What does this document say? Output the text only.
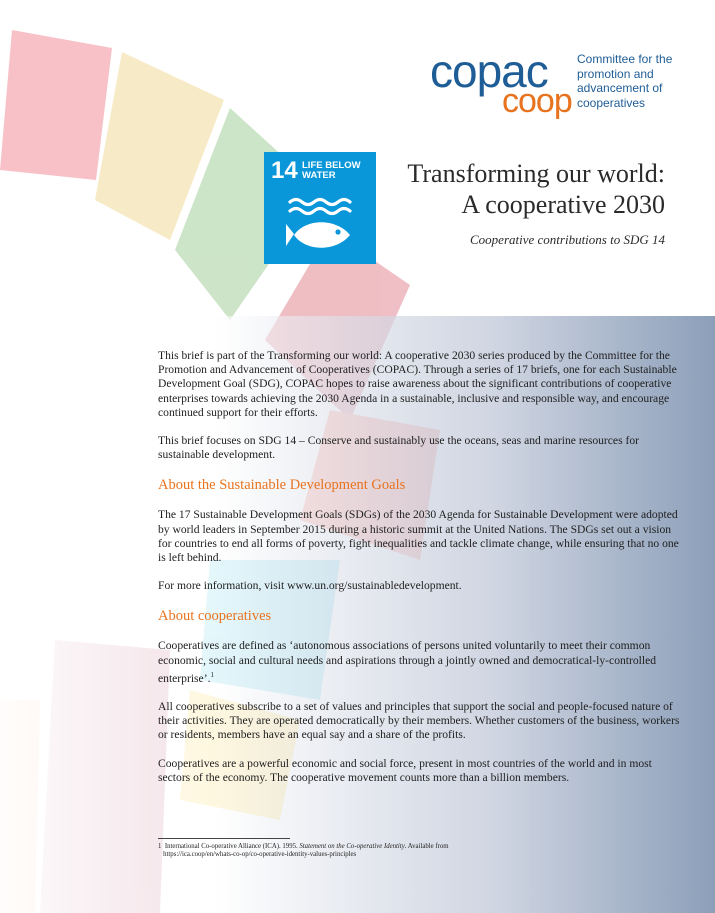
copac
coop
Committee for the promotion and advancement of cooperatives
14 LIFE BELOW WATER	Transforming our world:
A cooperative 2030
Cooperative contributions to SDG 14

This brief is part of the Transforming our world: A cooperative 2030 series produced by the Committee for the Promotion and Advancement of Cooperatives (COPAC). Through a series of 17 briefs, one for each Sustainable Development Goal (SDG), COPAC hopes to raise awareness about the significant contributions of cooperative enterprises towards achieving the 2030 Agenda in a sustainable, inclusive and responsible way, and encourage continued support for their efforts.

This brief focuses on SDG 14 – Conserve and sustainably use the oceans, seas and marine resources for sustainable development.

About the Sustainable Development Goals

The 17 Sustainable Development Goals (SDGs) of the 2030 Agenda for Sustainable Development were adopted by world leaders in September 2015 during a historic summit at the United Nations. The SDGs set out a vision for countries to end all forms of poverty, fight inequalities and tackle climate change, while ensuring that no one is left behind.

For more information, visit www.un.org/sustainabledevelopment.

About cooperatives

Cooperatives are defined as ‘autonomous associations of persons united voluntarily to meet their common economic, social and cultural needs and aspirations through a jointly owned and democratical-ly-controlled enterprise’.$^1$

All cooperatives subscribe to a set of values and principles that support the social and people-focused nature of their activities. They are operated democratically by their members. Whether customers of the business, workers or residents, members have an equal say and a share of the profits.

Cooperatives are a powerful economic and social force, present in most countries of the world and in most sectors of the economy. The cooperative movement counts more than a billion members.

1 International Co-operative Alliance (ICA). 1995. Statement on the Co-operative Identity. Available from
https://ica.coop/en/whats-co-op/co-operative-identity-values-principles
